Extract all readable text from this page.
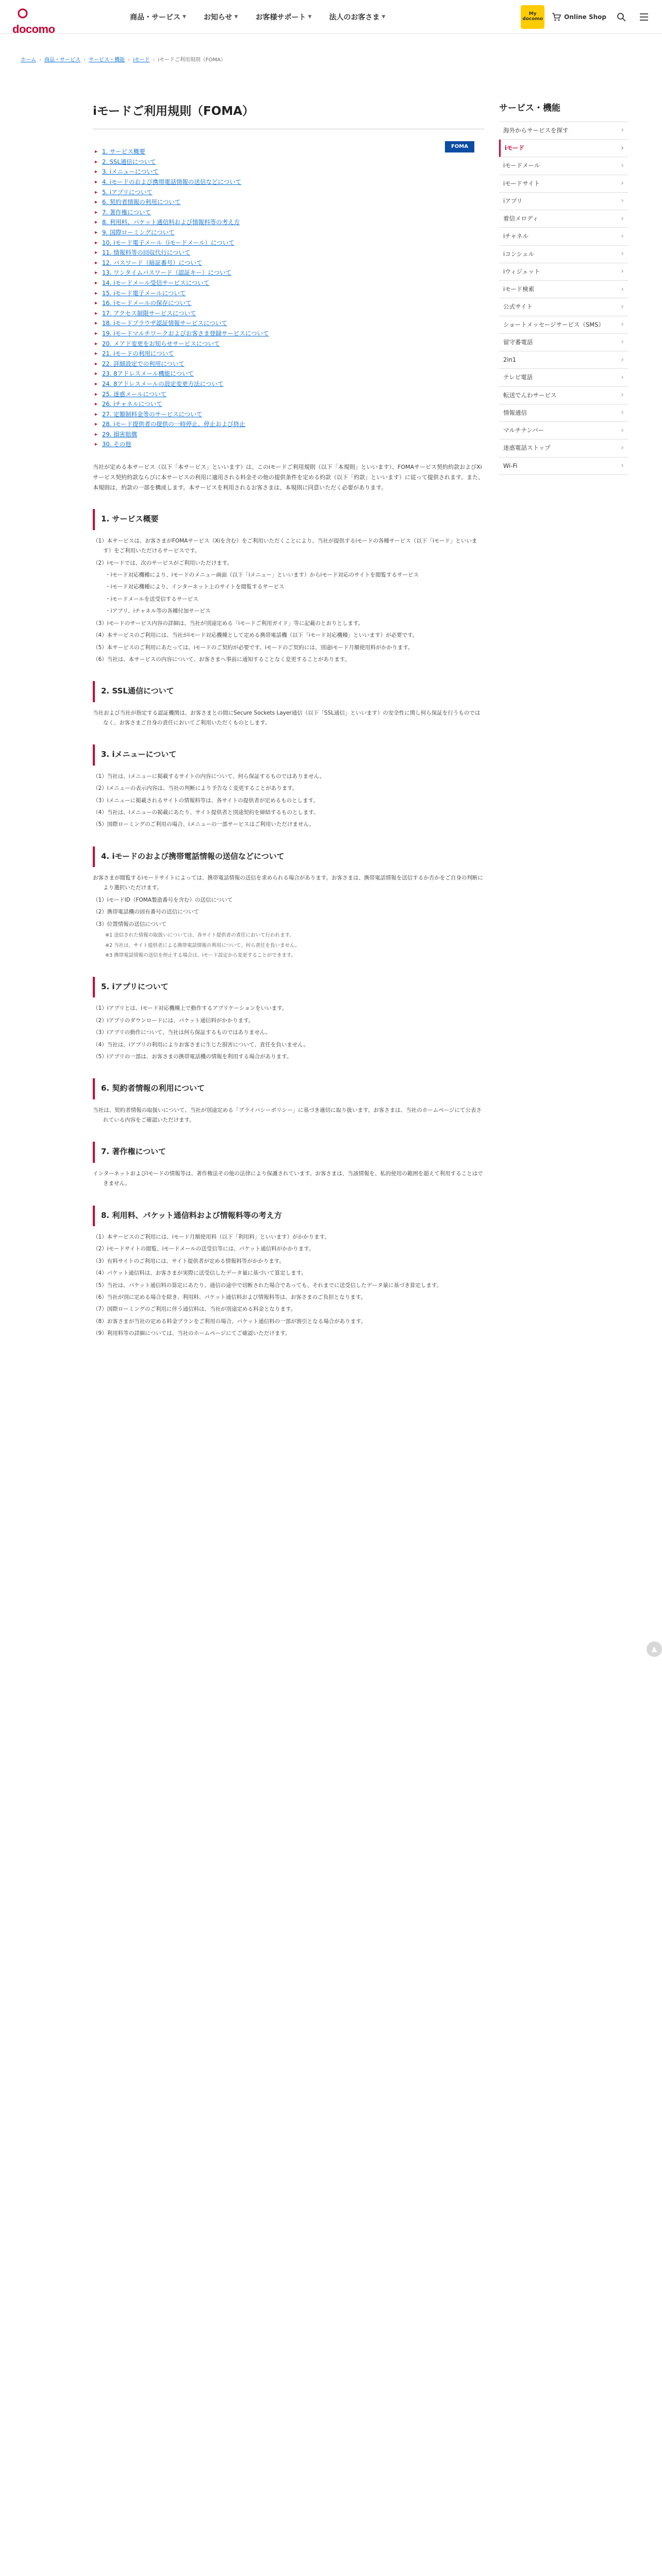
docomo
商品・サービス ▼ お知らせ ▼ お客様サポート ▼ 法人のお客さま ▼
My
docomo	Online Shop
ホーム › 商品・サービス › サービス・機能 › iモード › iモードご利用規則（FOMA）
iモードご利用規則（FOMA）
FOMA
▸ 1. サービス概要
▸ 2. SSL通信について
▸ 3. iメニューについて
▸ 4. iモードのおよび携帯電話情報の送信などについて
▸ 5. iアプリについて
▸ 6. 契約者情報の利用について
▸ 7. 著作権について
▸ 8. 利用料、パケット通信料および情報料等の考え方
▸ 9. 国際ローミングについて
▸ 10. iモード電子メール（iモードメール）について
▸ 11. 情報料等の回収代行について
▸ 12. パスワード（暗証番号）について
▸ 13. ワンタイムパスワード（認証キー）について
▸ 14. iモードメール受信サービスについて
▸ 15. iモード電子メールについて
▸ 16. iモードメールの保存について
▸ 17. アクセス制限サービスについて
▸ 18. iモードブラウザ認証情報サービスについて
▸ 19. iモードマルチワークおよびお客さま登録サービスについて
▸ 20. メアド変更をお知らせサービスについて
▸ 21. iモードの利用について
▸ 22. 詳細設定での利用について
▸ 23. 8アドレスメール機能について
▸ 24. 8アドレスメールの設定変更方法について
▸ 25. 迷惑メールについて
▸ 26. iチャネルについて
▸ 27. 定額制料金等のサービスについて
▸ 28. iモード提供者の提供の一時停止、停止および終止
▸ 29. 損害賠償
▸ 30. その他

当社が定める本サービス（以下「本サービス」といいます）は、このiモードご利用規則（以下「本規則」といいます）、FOMAサービス契約約款およびXiサービス契約約款ならびに本サービスの利用に適用される料金その他の提供条件を定める約款（以下「約款」といいます）に従って提供されます。また、本規則は、約款の一部を構成します。本サービスを利用されるお客さまは、本規則に同意いただく必要があります。

1. サービス概要

（1）本サービスは、お客さまがFOMAサービス（Xiを含む）をご利用いただくことにより、当社が提供するiモードの各種サービス（以下「iモード」といいます）をご利用いただけるサービスです。

（2）iモードでは、次のサービスがご利用いただけます。

・iモード対応機種により、iモードのメニュー画面（以下「iメニュー」といいます）からiモード対応のサイトを閲覧するサービス

・iモード対応機種により、インターネット上のサイトを閲覧するサービス

・iモードメールを送受信するサービス

・iアプリ、iチャネル等の各種付加サービス

（3）iモードのサービス内容の詳細は、当社が別途定める「iモードご利用ガイド」等に記載のとおりとします。

（4）本サービスのご利用には、当社がiモード対応機種として定める携帯電話機（以下「iモード対応機種」といいます）が必要です。

（5）本サービスのご利用にあたっては、iモードのご契約が必要です。iモードのご契約には、別途iモード月額使用料がかかります。

（6）当社は、本サービスの内容について、お客さまへ事前に通知することなく変更することがあります。

2. SSL通信について

当社および当社が指定する認証機関は、お客さまとの間にSecure Sockets Layer通信（以下「SSL通信」といいます）の安全性に関し何ら保証を行うものではなく、お客さまご自身の責任においてご利用いただくものとします。

3. iメニューについて

（1）当社は、iメニューに掲載するサイトの内容について、何ら保証するものではありません。

（2）iメニューの表示内容は、当社の判断により予告なく変更することがあります。

（3）iメニューに掲載されるサイトの情報料等は、各サイトの提供者が定めるものとします。

（4）当社は、iメニューの掲載にあたり、サイト提供者と別途契約を締結するものとします。

（5）国際ローミングのご利用の場合、iメニューの一部サービスはご利用いただけません。

4. iモードのおよび携帯電話情報の送信などについて

お客さまが閲覧するiモードサイトによっては、携帯電話情報の送信を求められる場合があります。お客さまは、携帯電話情報を送信するか否かをご自身の判断により選択いただけます。

（1）iモードID（FOMA製造番号を含む）の送信について

（2）携帯電話機の固有番号の送信について

（3）位置情報の送信について

※1 送信された情報の取扱いについては、各サイト提供者の責任において行われます。

※2 当社は、サイト提供者による携帯電話情報の利用について、何ら責任を負いません。

※3 携帯電話情報の送信を停止する場合は、iモード設定から変更することができます。

5. iアプリについて

（1）iアプリとは、iモード対応機種上で動作するアプリケーションをいいます。

（2）iアプリのダウンロードには、パケット通信料がかかります。

（3）iアプリの動作について、当社は何ら保証するものではありません。

（4）当社は、iアプリの利用によりお客さまに生じた損害について、責任を負いません。

（5）iアプリの一部は、お客さまの携帯電話機の情報を利用する場合があります。

6. 契約者情報の利用について

当社は、契約者情報の取扱いについて、当社が別途定める「プライバシーポリシー」に基づき適切に取り扱います。お客さまは、当社のホームページにて公表されている内容をご確認いただけます。

7. 著作権について

インターネットおよびiモードの情報等は、著作権法その他の法律により保護されています。お客さまは、当該情報を、私的使用の範囲を超えて利用することはできません。

8. 利用料、パケット通信料および情報料等の考え方

（1）本サービスのご利用には、iモード月額使用料（以下「利用料」といいます）がかかります。

（2）iモードサイトの閲覧、iモードメールの送受信等には、パケット通信料がかかります。

（3）有料サイトのご利用には、サイト提供者が定める情報料等がかかります。

（4）パケット通信料は、お客さまが実際に送受信したデータ量に基づいて算定します。

（5）当社は、パケット通信料の算定にあたり、通信の途中で切断された場合であっても、それまでに送受信したデータ量に基づき算定します。

（6）当社が別に定める場合を除き、利用料、パケット通信料および情報料等は、お客さまのご負担となります。

（7）国際ローミングのご利用に伴う通信料は、当社が別途定める料金となります。

（8）お客さまが当社の定める料金プランをご利用の場合、パケット通信料の一部が割引となる場合があります。

（9）利用料等の詳細については、当社のホームページにてご確認いただけます。

サービス・機能
海外からサービスを探す ›
iモード ›
iモードメール ›
iモードサイト ›
iアプリ ›
着信メロディ ›
iチャネル ›
iコンシェル ›
iウィジェット ›
iモード検索 ›
公式サイト ›
ショートメッセージサービス（SMS） ›
留守番電話 ›
2in1 ›
テレビ電話 ›
転送でんわサービス ›
情報通信 ›
マルチナンバー ›
迷惑電話ストップ ›
Wi-Fi ›
▲
